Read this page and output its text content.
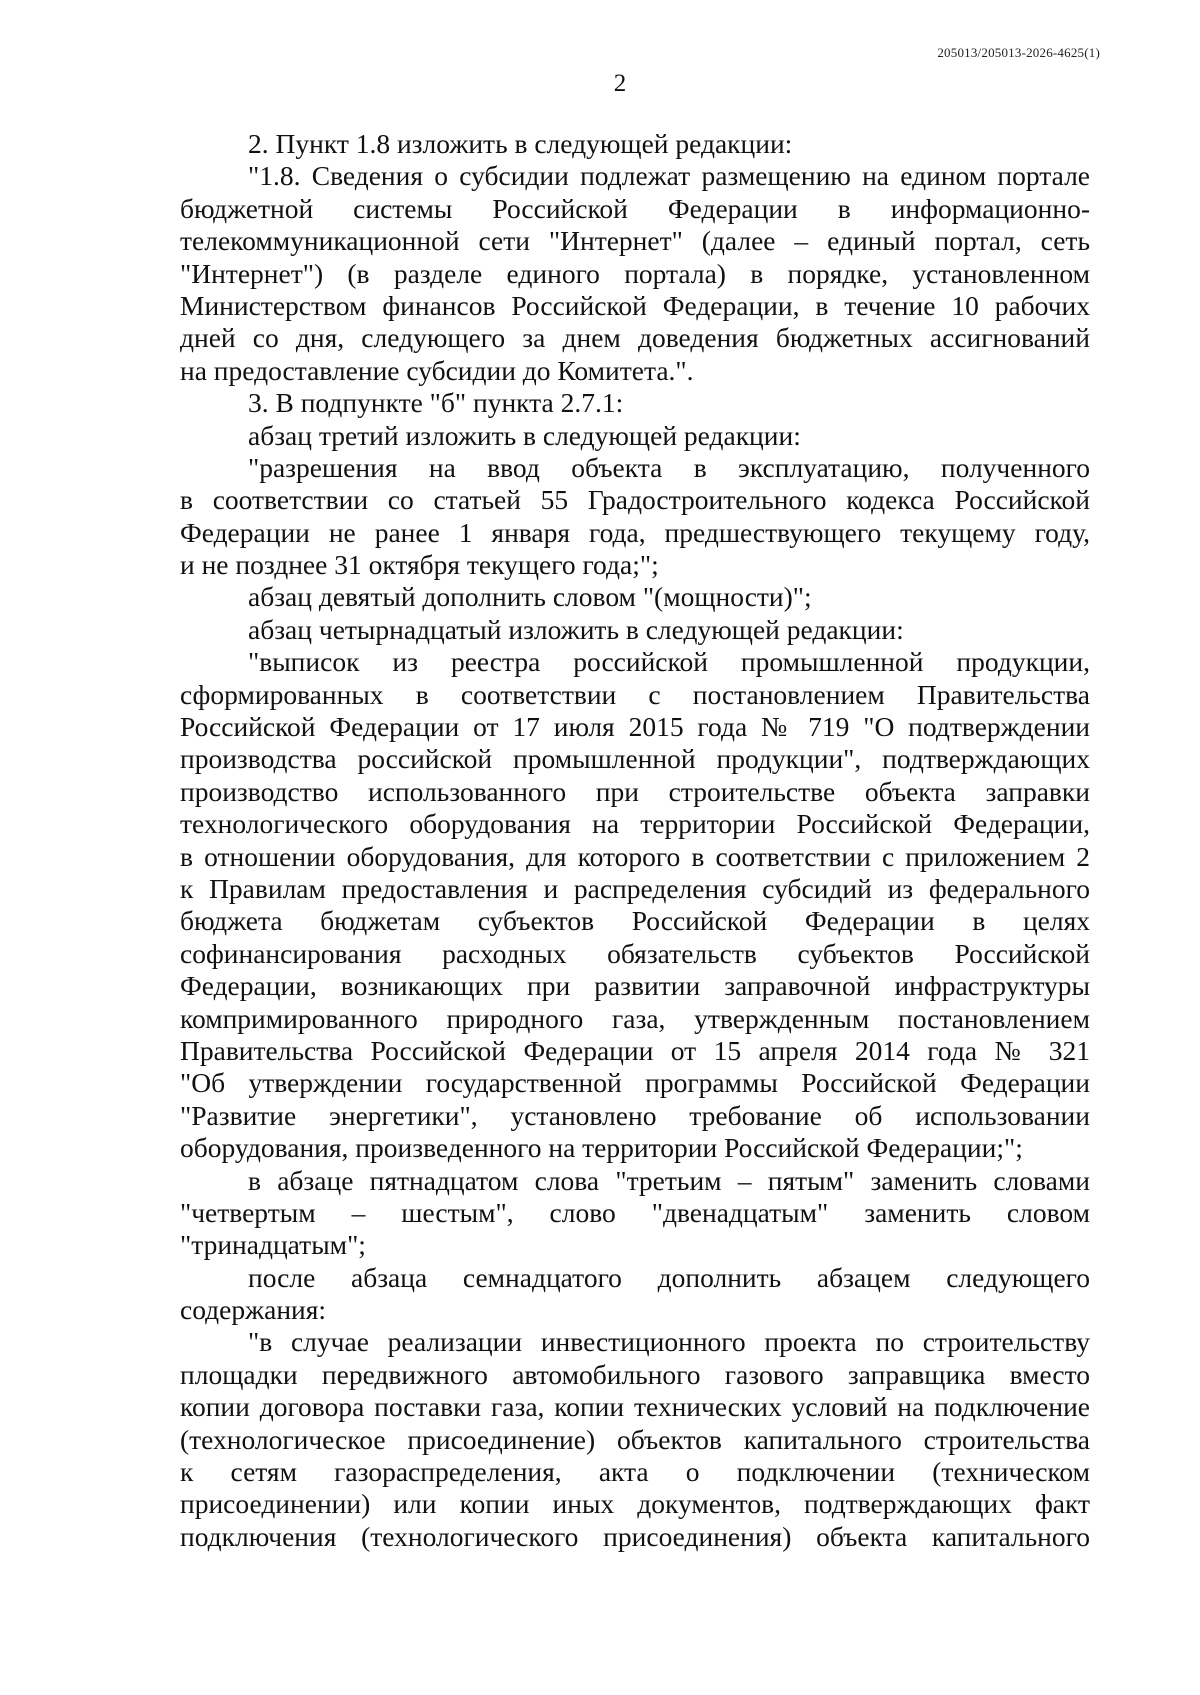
205013/205013-2026-4625(1)
2
2. Пункт 1.8 изложить в следующей редакции:
"1.8. Сведения о субсидии подлежат размещению на едином портале
бюджетной системы Российской Федерации в информационно-
телекоммуникационной сети "Интернет" (далее – единый портал, сеть
"Интернет") (в разделе единого портала) в порядке, установленном
Министерством финансов Российской Федерации, в течение 10 рабочих
дней со дня, следующего за днем доведения бюджетных ассигнований
на предоставление субсидии до Комитета.".
3. В подпункте "б" пункта 2.7.1:
абзац третий изложить в следующей редакции:
"разрешения на ввод объекта в эксплуатацию, полученного
в соответствии со статьей 55 Градостроительного кодекса Российской
Федерации не ранее 1 января года, предшествующего текущему году,
и не позднее 31 октября текущего года;";
абзац девятый дополнить словом "(мощности)";
абзац четырнадцатый изложить в следующей редакции:
"выписок из реестра российской промышленной продукции,
сформированных в соответствии с постановлением Правительства
Российской Федерации от 17 июля 2015 года № 719 "О подтверждении
производства российской промышленной продукции", подтверждающих
производство использованного при строительстве объекта заправки
технологического оборудования на территории Российской Федерации,
в отношении оборудования, для которого в соответствии с приложением 2
к Правилам предоставления и распределения субсидий из федерального
бюджета бюджетам субъектов Российской Федерации в целях
софинансирования расходных обязательств субъектов Российской
Федерации, возникающих при развитии заправочной инфраструктуры
компримированного природного газа, утвержденным постановлением
Правительства Российской Федерации от 15 апреля 2014 года № 321
"Об утверждении государственной программы Российской Федерации
"Развитие энергетики", установлено требование об использовании
оборудования, произведенного на территории Российской Федерации;";
в абзаце пятнадцатом слова "третьим – пятым" заменить словами
"четвертым – шестым", слово "двенадцатым" заменить словом
"тринадцатым";
после абзаца семнадцатого дополнить абзацем следующего
содержания:
"в случае реализации инвестиционного проекта по строительству
площадки передвижного автомобильного газового заправщика вместо
копии договора поставки газа, копии технических условий на подключение
(технологическое присоединение) объектов капитального строительства
к сетям газораспределения, акта о подключении (техническом
присоединении) или копии иных документов, подтверждающих факт
подключения (технологического присоединения) объекта капитального
